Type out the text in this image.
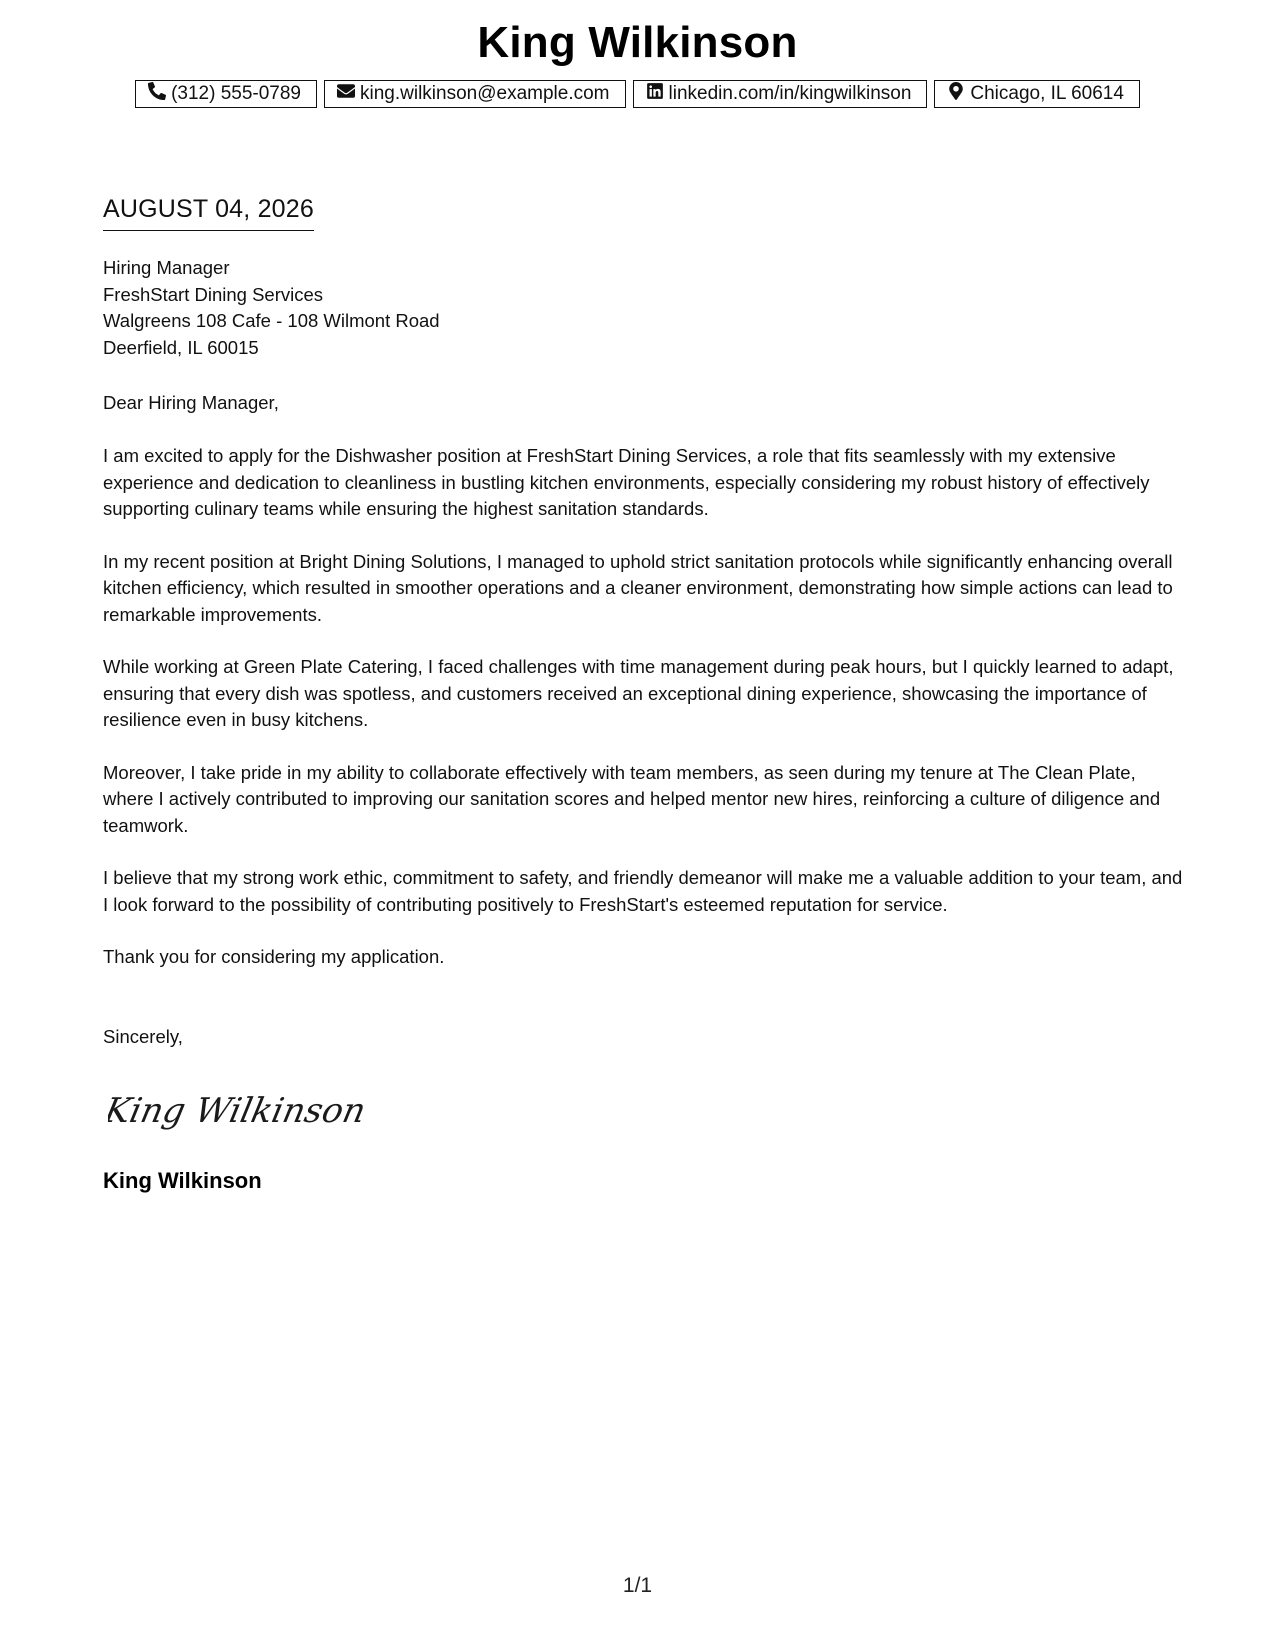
King Wilkinson
(312) 555-0789	king.wilkinson@example.com	linkedin.com/in/kingwilkinson	Chicago, IL 60614
AUGUST 04, 2026
Hiring Manager
FreshStart Dining Services
Walgreens 108 Cafe - 108 Wilmont Road
Deerfield, IL 60015
Dear Hiring Manager,

I am excited to apply for the Dishwasher position at FreshStart Dining Services, a role that fits seamlessly with my extensive experience and dedication to cleanliness in bustling kitchen environments, especially considering my robust history of effectively supporting culinary teams while ensuring the highest sanitation standards.

In my recent position at Bright Dining Solutions, I managed to uphold strict sanitation protocols while significantly enhancing overall kitchen efficiency, which resulted in smoother operations and a cleaner environment, demonstrating how simple actions can lead to remarkable improvements.

While working at Green Plate Catering, I faced challenges with time management during peak hours, but I quickly learned to adapt, ensuring that every dish was spotless, and customers received an exceptional dining experience, showcasing the importance of resilience even in busy kitchens.

Moreover, I take pride in my ability to collaborate effectively with team members, as seen during my tenure at The Clean Plate, where I actively contributed to improving our sanitation scores and helped mentor new hires, reinforcing a culture of diligence and teamwork.

I believe that my strong work ethic, commitment to safety, and friendly demeanor will make me a valuable addition to your team, and I look forward to the possibility of contributing positively to FreshStart's esteemed reputation for service.

Thank you for considering my application.

Sincerely,
King Wilkinson
King Wilkinson
1/1
